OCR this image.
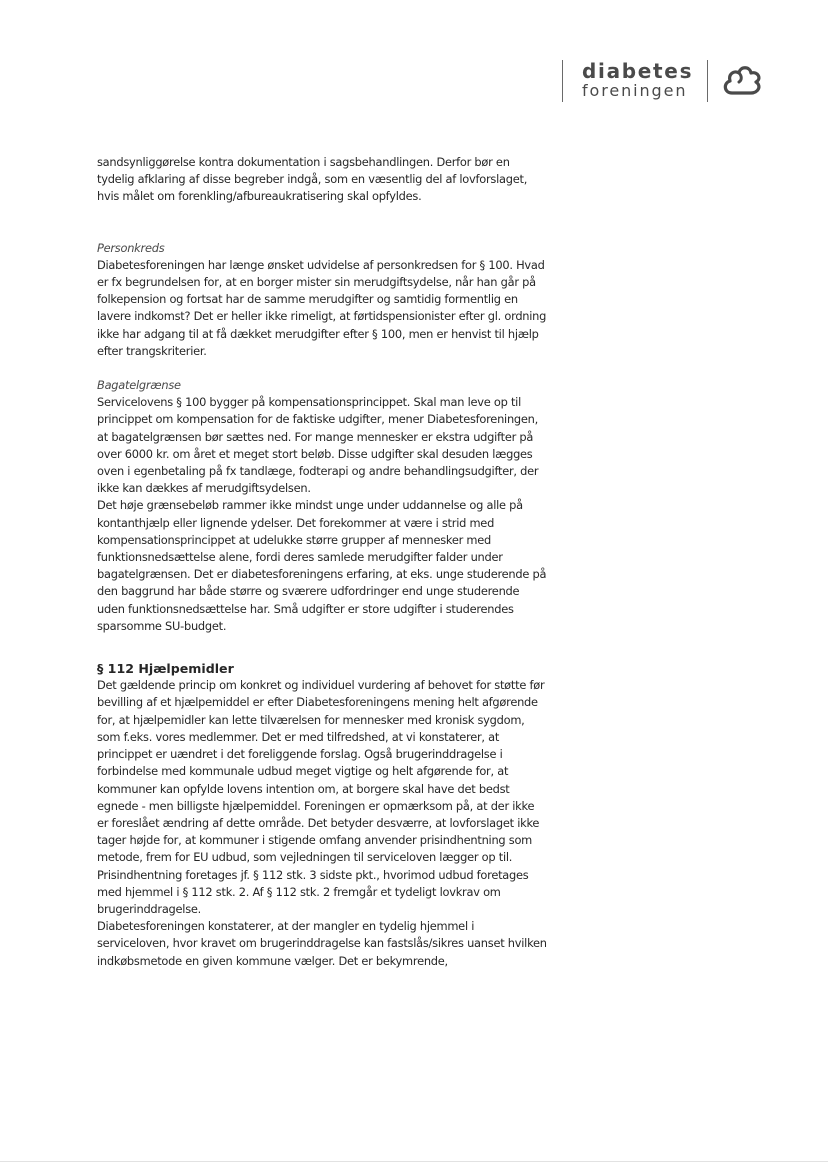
diabetes
foreningen

sandsynliggørelse kontra dokumentation i sagsbehandlingen. Derfor bør en tydelig afklaring af disse begreber indgå, som en væsentlig del af lovforslaget, hvis målet om forenkling/afbureaukratisering skal opfyldes.

Personkreds

Diabetesforeningen har længe ønsket udvidelse af personkredsen for § 100. Hvad er fx begrundelsen for, at en borger mister sin merudgiftsydelse, når han går på folkepension og fortsat har de samme merudgifter og samtidig formentlig en lavere indkomst? Det er heller ikke rimeligt, at førtidspensionister efter gl. ordning ikke har adgang til at få dækket merudgifter efter § 100, men er henvist til hjælp efter trangskriterier.

Bagatelgrænse

Servicelovens § 100 bygger på kompensationsprincippet. Skal man leve op til princippet om kompensation for de faktiske udgifter, mener Diabetesforeningen, at bagatelgrænsen bør sættes ned. For mange mennesker er ekstra udgifter på over 6000 kr. om året et meget stort beløb. Disse udgifter skal desuden lægges oven i egenbetaling på fx tandlæge, fodterapi og andre behandlingsudgifter, der ikke kan dækkes af merudgiftsydelsen.

Det høje grænsebeløb rammer ikke mindst unge under uddannelse og alle på kontanthjælp eller lignende ydelser. Det forekommer at være i strid med kompensationsprincippet at udelukke større grupper af mennesker med funktionsnedsættelse alene, fordi deres samlede merudgifter falder under bagatelgrænsen. Det er diabetesforeningens erfaring, at eks. unge studerende på den baggrund har både større og sværere udfordringer end unge studerende uden funktionsnedsættelse har. Små udgifter er store udgifter i studerendes sparsomme SU-budget.

§ 112 Hjælpemidler

Det gældende princip om konkret og individuel vurdering af behovet for støtte før bevilling af et hjælpemiddel er efter Diabetesforeningens mening helt afgørende for, at hjælpemidler kan lette tilværelsen for mennesker med kronisk sygdom, som f.eks. vores medlemmer. Det er med tilfredshed, at vi konstaterer, at princippet er uændret i det foreliggende forslag. Også brugerinddragelse i forbindelse med kommunale udbud meget vigtige og helt afgørende for, at kommuner kan opfylde lovens intention om, at borgere skal have det bedst egnede - men billigste hjælpemiddel. Foreningen er opmærksom på, at der ikke er foreslået ændring af dette område. Det betyder desværre, at lovforslaget ikke tager højde for, at kommuner i stigende omfang anvender prisindhentning som metode, frem for EU udbud, som vejledningen til serviceloven lægger op til. Prisindhentning foretages jf. § 112 stk. 3 sidste pkt., hvorimod udbud foretages med hjemmel i § 112 stk. 2. Af § 112 stk. 2 fremgår et tydeligt lovkrav om brugerinddragelse.

Diabetesforeningen konstaterer, at der mangler en tydelig hjemmel i serviceloven, hvor kravet om brugerinddragelse kan fastslås/sikres uanset hvilken indkøbsmetode en given kommune vælger. Det er bekymrende,
